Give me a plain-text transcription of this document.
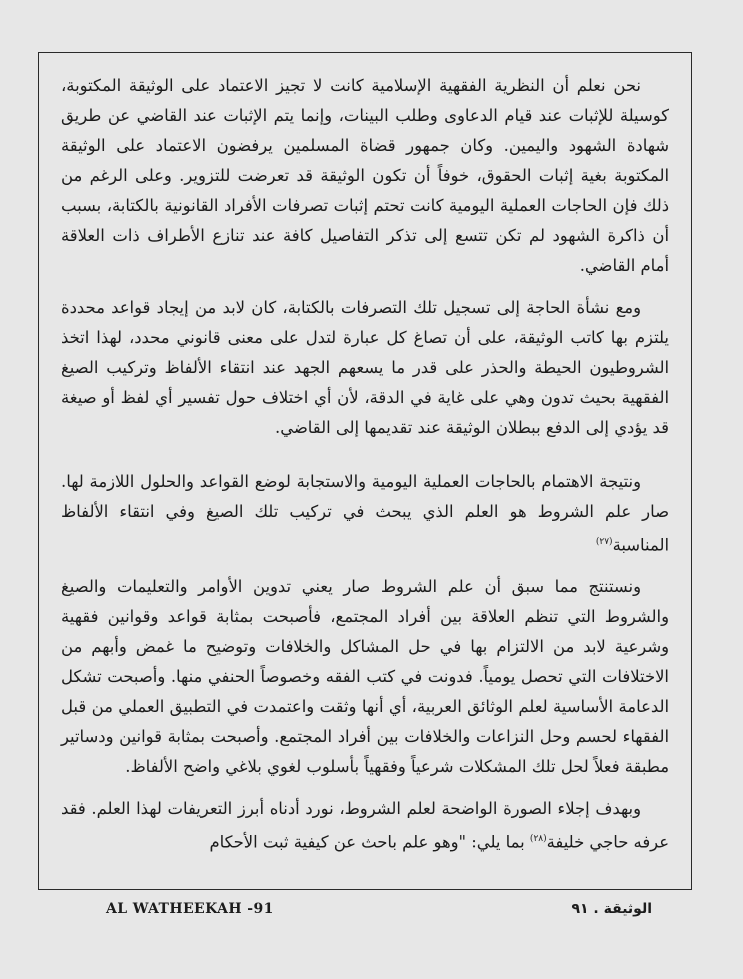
نحن نعلم أن النظرية الفقهية الإسلامية كانت لا تجيز الاعتماد على الوثيقة المكتوبة، كوسيلة للإثبات عند قيام الدعاوى وطلب البينات، وإنما يتم الإثبات عند القاضي عن طريق شهادة الشهود واليمين. وكان جمهور قضاة المسلمين يرفضون الاعتماد على الوثيقة المكتوبة بغية إثبات الحقوق، خوفاً أن تكون الوثيقة قد تعرضت للتزوير. وعلى الرغم من ذلك فإن الحاجات العملية اليومية كانت تحتم إثبات تصرفات الأفراد القانونية بالكتابة، بسبب أن ذاكرة الشهود لم تكن تتسع إلى تذكر التفاصيل كافة عند تنازع الأطراف ذات العلاقة أمام القاضي.

ومع نشأة الحاجة إلى تسجيل تلك التصرفات بالكتابة، كان لابد من إيجاد قواعد محددة يلتزم بها كاتب الوثيقة، على أن تصاغ كل عبارة لتدل على معنى قانوني محدد، لهذا اتخذ الشروطيون الحيطة والحذر على قدر ما يسعهم الجهد عند انتقاء الألفاظ وتركيب الصيغ الفقهية بحيث تدون وهي على غاية في الدقة، لأن أي اختلاف حول تفسير أي لفظ أو صيغة قد يؤدي إلى الدفع ببطلان الوثيقة عند تقديمها إلى القاضي.

ونتيجة الاهتمام بالحاجات العملية اليومية والاستجابة لوضع القواعد والحلول اللازمة لها. صار علم الشروط هو العلم الذي يبحث في تركيب تلك الصيغ وفي انتقاء الألفاظ المناسبة$^{(٢٧)}$

ونستنتج مما سبق أن علم الشروط صار يعني تدوين الأوامر والتعليمات والصيغ والشروط التي تنظم العلاقة بين أفراد المجتمع، فأصبحت بمثابة قواعد وقوانين فقهية وشرعية لابد من الالتزام بها في حل المشاكل والخلافات وتوضيح ما غمض وأبهم من الاختلافات التي تحصل يومياً. فدونت في كتب الفقه وخصوصاً الحنفي منها. وأصبحت تشكل الدعامة الأساسية لعلم الوثائق العربية، أي أنها وثقت واعتمدت في التطبيق العملي من قبل الفقهاء لحسم وحل النزاعات والخلافات بين أفراد المجتمع. وأصبحت بمثابة قوانين ودساتير مطبقة فعلاً لحل تلك المشكلات شرعياً وفقهياً بأسلوب لغوي بلاغي واضح الألفاظ.

وبهدف إجلاء الصورة الواضحة لعلم الشروط، نورد أدناه أبرز التعريفات لهذا العلم. فقد عرفه حاجي خليفة$^{(٢٨)}$ بما يلي: "وهو علم باحث عن كيفية ثبت الأحكام

AL WATHEEKAH -91	الوثيقة . ٩١
